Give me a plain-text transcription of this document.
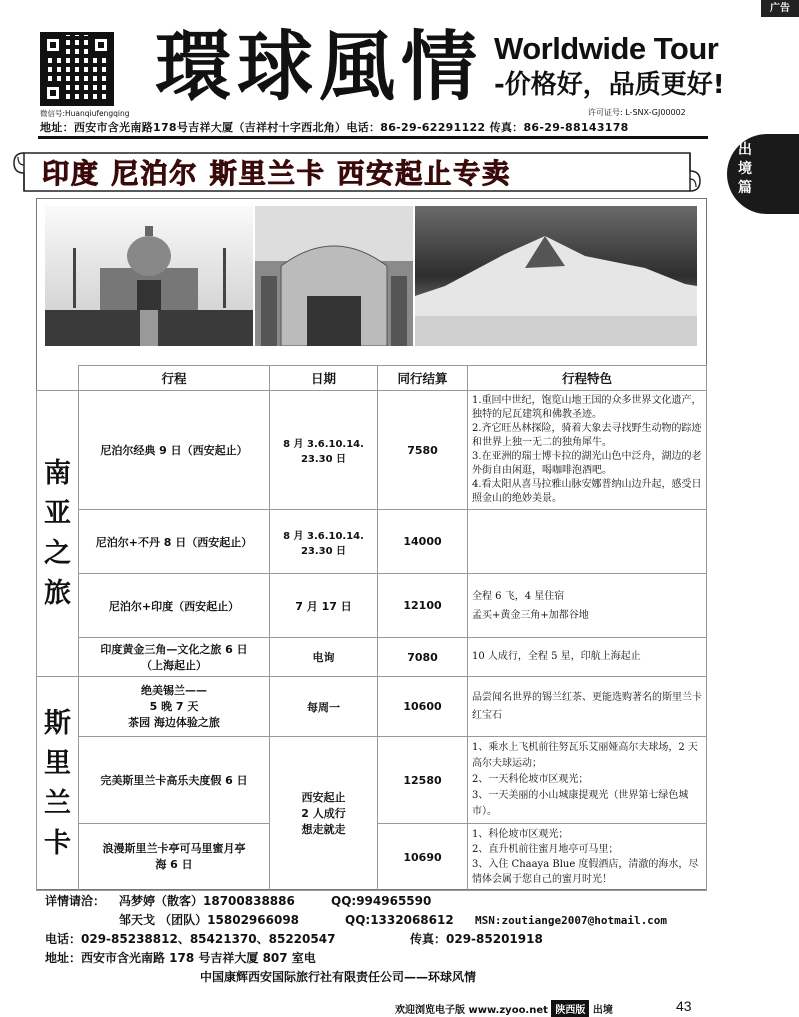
广告
微信号:Huanqiufengqing
環球風情 Worldwide Tour
-价格好，品质更好!
许可证号: L-SNX-GJ00002
地址：西安市含光南路178号吉祥大厦（吉祥村十字西北角）电话：86-29-62291122 传真：86-29-88143178
出境篇
印度 尼泊尔 斯里兰卡 西安起止专卖
	行程	日期	同行结算	行程特色
南亚之旅	尼泊尔经典 9 日（西安起止）	8 月 3.6.10.14.
23.30 日	7580	1.重回中世纪，饱览山地王国的众多世界文化遗产，独特的尼瓦建筑和佛教圣迹。
2.齐它旺丛林探险，骑着大象去寻找野生动物的踪迹和世界上独一无二的独角犀牛。
3.在亚洲的瑞士博卡拉的湖光山色中泛舟，湖边的老外街自由闲逛，喝咖啡泡酒吧。
4.看太阳从喜马拉雅山脉安娜普纳山边升起，感受日照金山的绝妙美景。
	尼泊尔+不丹 8 日（西安起止）	8 月 3.6.10.14.
23.30 日	14000	
	尼泊尔+印度（西安起止）	7 月 17 日	12100	全程 6 飞，4 星住宿
孟买+黄金三角+加都谷地
	印度黄金三角—文化之旅 6 日
（上海起止）	电询	7080	10 人成行，全程 5 星，印航上海起止
斯里兰卡	绝美锡兰——
5 晚 7 天
茶园 海边体验之旅	每周一	10600	品尝闻名世界的锡兰红茶、更能选购著名的斯里兰卡红宝石
	完美斯里兰卡高乐夫度假 6 日	西安起止
2 人成行
想走就走	12580	1、乘水上飞机前往努瓦乐艾丽娅高尔夫球场，2 天高尔夫球运动；
2、一天科伦坡市区观光；
3、一天美丽的小山城康提观光（世界第七绿色城市）。
	浪漫斯里兰卡亭可马里蜜月亭
海 6 日		10690	1、科伦坡市区观光；
2、直升机前往蜜月地亭可马里；
3、入住 Chaaya Blue 度假酒店，清澈的海水，尽情体会属于您自己的蜜月时光！
详情请洽： 冯梦婷（散客）18700838886	QQ:994965590
邹天戈 （团队）15802966098	QQ:1332068612 MSN:zoutiange2007@hotmail.com
电话：029-85238812、85421370、85220547	传真：029-85201918
地址：西安市含光南路 178 号吉祥大厦 807 室电
中国康辉西安国际旅行社有限责任公司——环球风情
欢迎浏览电子版 www.zyoo.net 陕西版 出境	43
